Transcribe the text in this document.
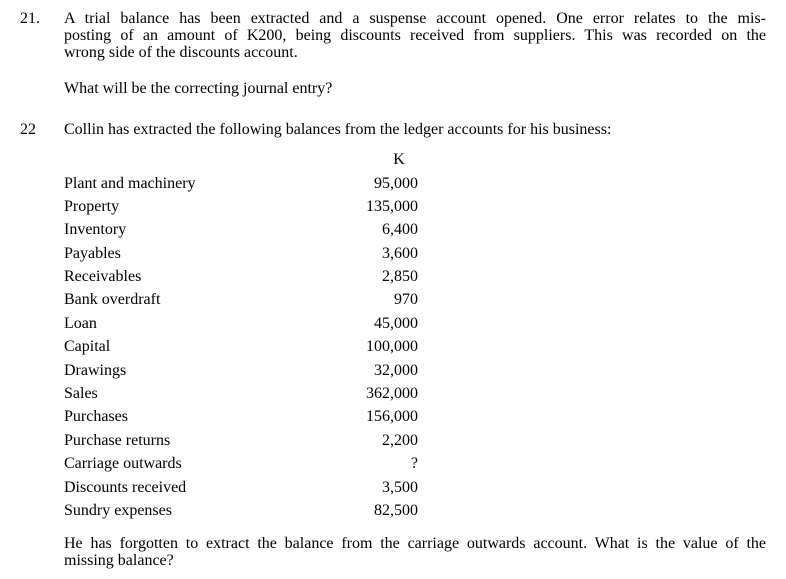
21. A trial balance has been extracted and a suspense account opened. One error relates to the mis-
posting of an amount of K200, being discounts received from suppliers. This was recorded on the
wrong side of the discounts account.
What will be the correcting journal entry?
22 Collin has extracted the following balances from the ledger accounts for his business:
K
Plant and machinery	95,000
Property	135,000
Inventory	6,400
Payables	3,600
Receivables	2,850
Bank overdraft	970
Loan	45,000
Capital	100,000
Drawings	32,000
Sales	362,000
Purchases	156,000
Purchase returns	2,200
Carriage outwards	?
Discounts received	3,500
Sundry expenses	82,500
He has forgotten to extract the balance from the carriage outwards account. What is the value of the
missing balance?
